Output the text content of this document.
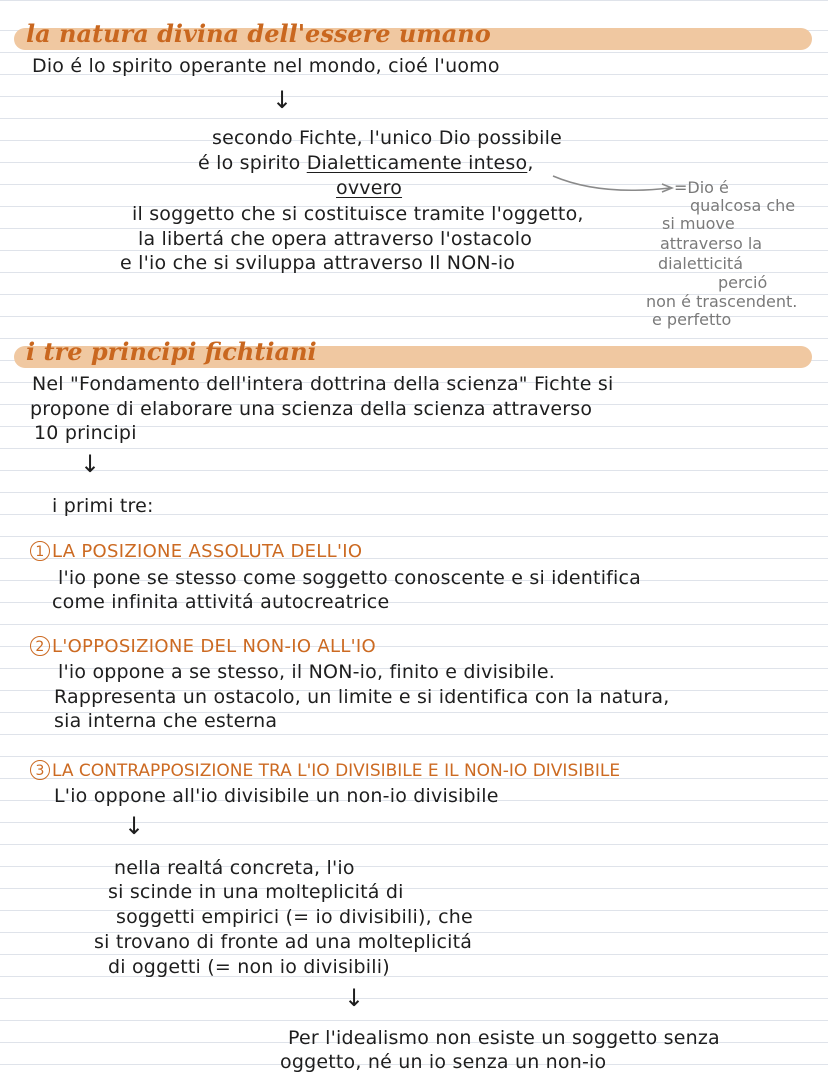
la natura divina dell'essere umano
Dio é lo spirito operante nel mondo, cioé l'uomo
↓
secondo Fichte, l'unico Dio possibile
é lo spirito Dialetticamente inteso,
ovvero
il soggetto che si costituisce tramite l'oggetto,
la libertá che opera attraverso l'ostacolo
e l'io che si sviluppa attraverso Il NON-io
=Dio é
qualcosa che
si muove
attraverso la
dialetticitá
perció
non é trascendent.
e perfetto
i tre principi fichtiani
Nel "Fondamento dell'intera dottrina della scienza" Fichte si
propone di elaborare una scienza della scienza attraverso
10 principi
↓
i primi tre:
1 LA POSIZIONE ASSOLUTA DELL'IO
l'io pone se stesso come soggetto conoscente e si identifica
come infinita attivitá autocreatrice
2 L'OPPOSIZIONE DEL NON-IO ALL'IO
l'io oppone a se stesso, il NON-io, finito e divisibile.
Rappresenta un ostacolo, un limite e si identifica con la natura,
sia interna che esterna
3 LA CONTRAPPOSIZIONE TRA L'IO DIVISIBILE E IL NON-IO DIVISIBILE
L'io oppone all'io divisibile un non-io divisibile
↓
nella realtá concreta, l'io
si scinde in una molteplicitá di
soggetti empirici (= io divisibili), che
si trovano di fronte ad una molteplicitá
di oggetti (= non io divisibili)
↓
Per l'idealismo non esiste un soggetto senza
oggetto, né un io senza un non-io
